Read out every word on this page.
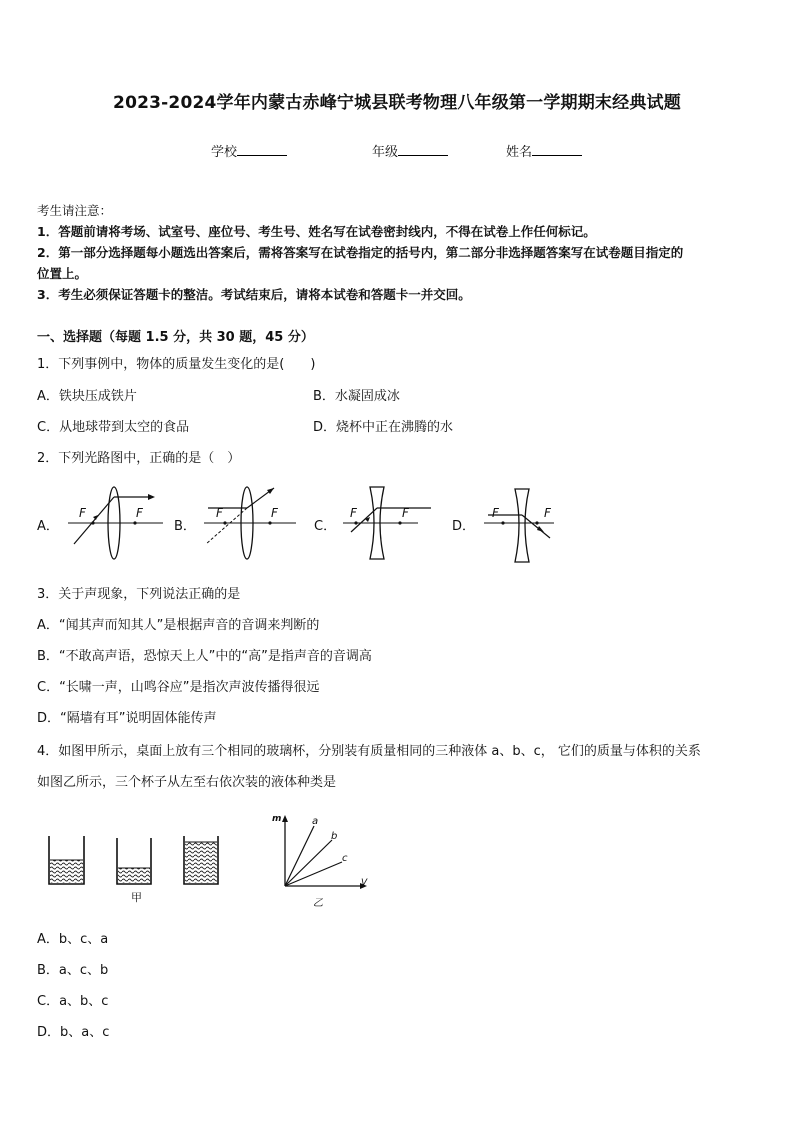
2023-2024学年内蒙古赤峰宁城县联考物理八年级第一学期期末经典试题
学校	年级	姓名
考生请注意：
1．答题前请将考场、试室号、座位号、考生号、姓名写在试卷密封线内，不得在试卷上作任何标记。
2．第一部分选择题每小题选出答案后，需将答案写在试卷指定的括号内，第二部分非选择题答案写在试卷题目指定的
位置上。
3．考生必须保证答题卡的整洁。考试结束后，请将本试卷和答题卡一并交回。
一、选择题（每题 1.5 分，共 30 题，45 分）
1．下列事例中，物体的质量发生变化的是(　　)
A．铁块压成铁片	B．水凝固成冰
C．从地球带到太空的食品	D．烧杯中正在沸腾的水
2．下列光路图中，正确的是（　）
A．	B．	C．	D．
F	F	F	F	F	F	F	F
3．关于声现象，下列说法正确的是
A．“闻其声而知其人”是根据声音的音调来判断的
B．“不敢高声语，恐惊天上人”中的“高”是指声音的音调高
C．“长啸一声，山鸣谷应”是指次声波传播得很远
D．“隔墙有耳”说明固体能传声
4．如图甲所示，桌面上放有三个相同的玻璃杯，分别装有质量相同的三种液体 a、b、c， 它们的质量与体积的关系
如图乙所示，三个杯子从左至右依次装的液体种类是
甲
m
V
a
b
c
乙
A．b、c、a
B．a、c、b
C．a、b、c
D．b、a、c
